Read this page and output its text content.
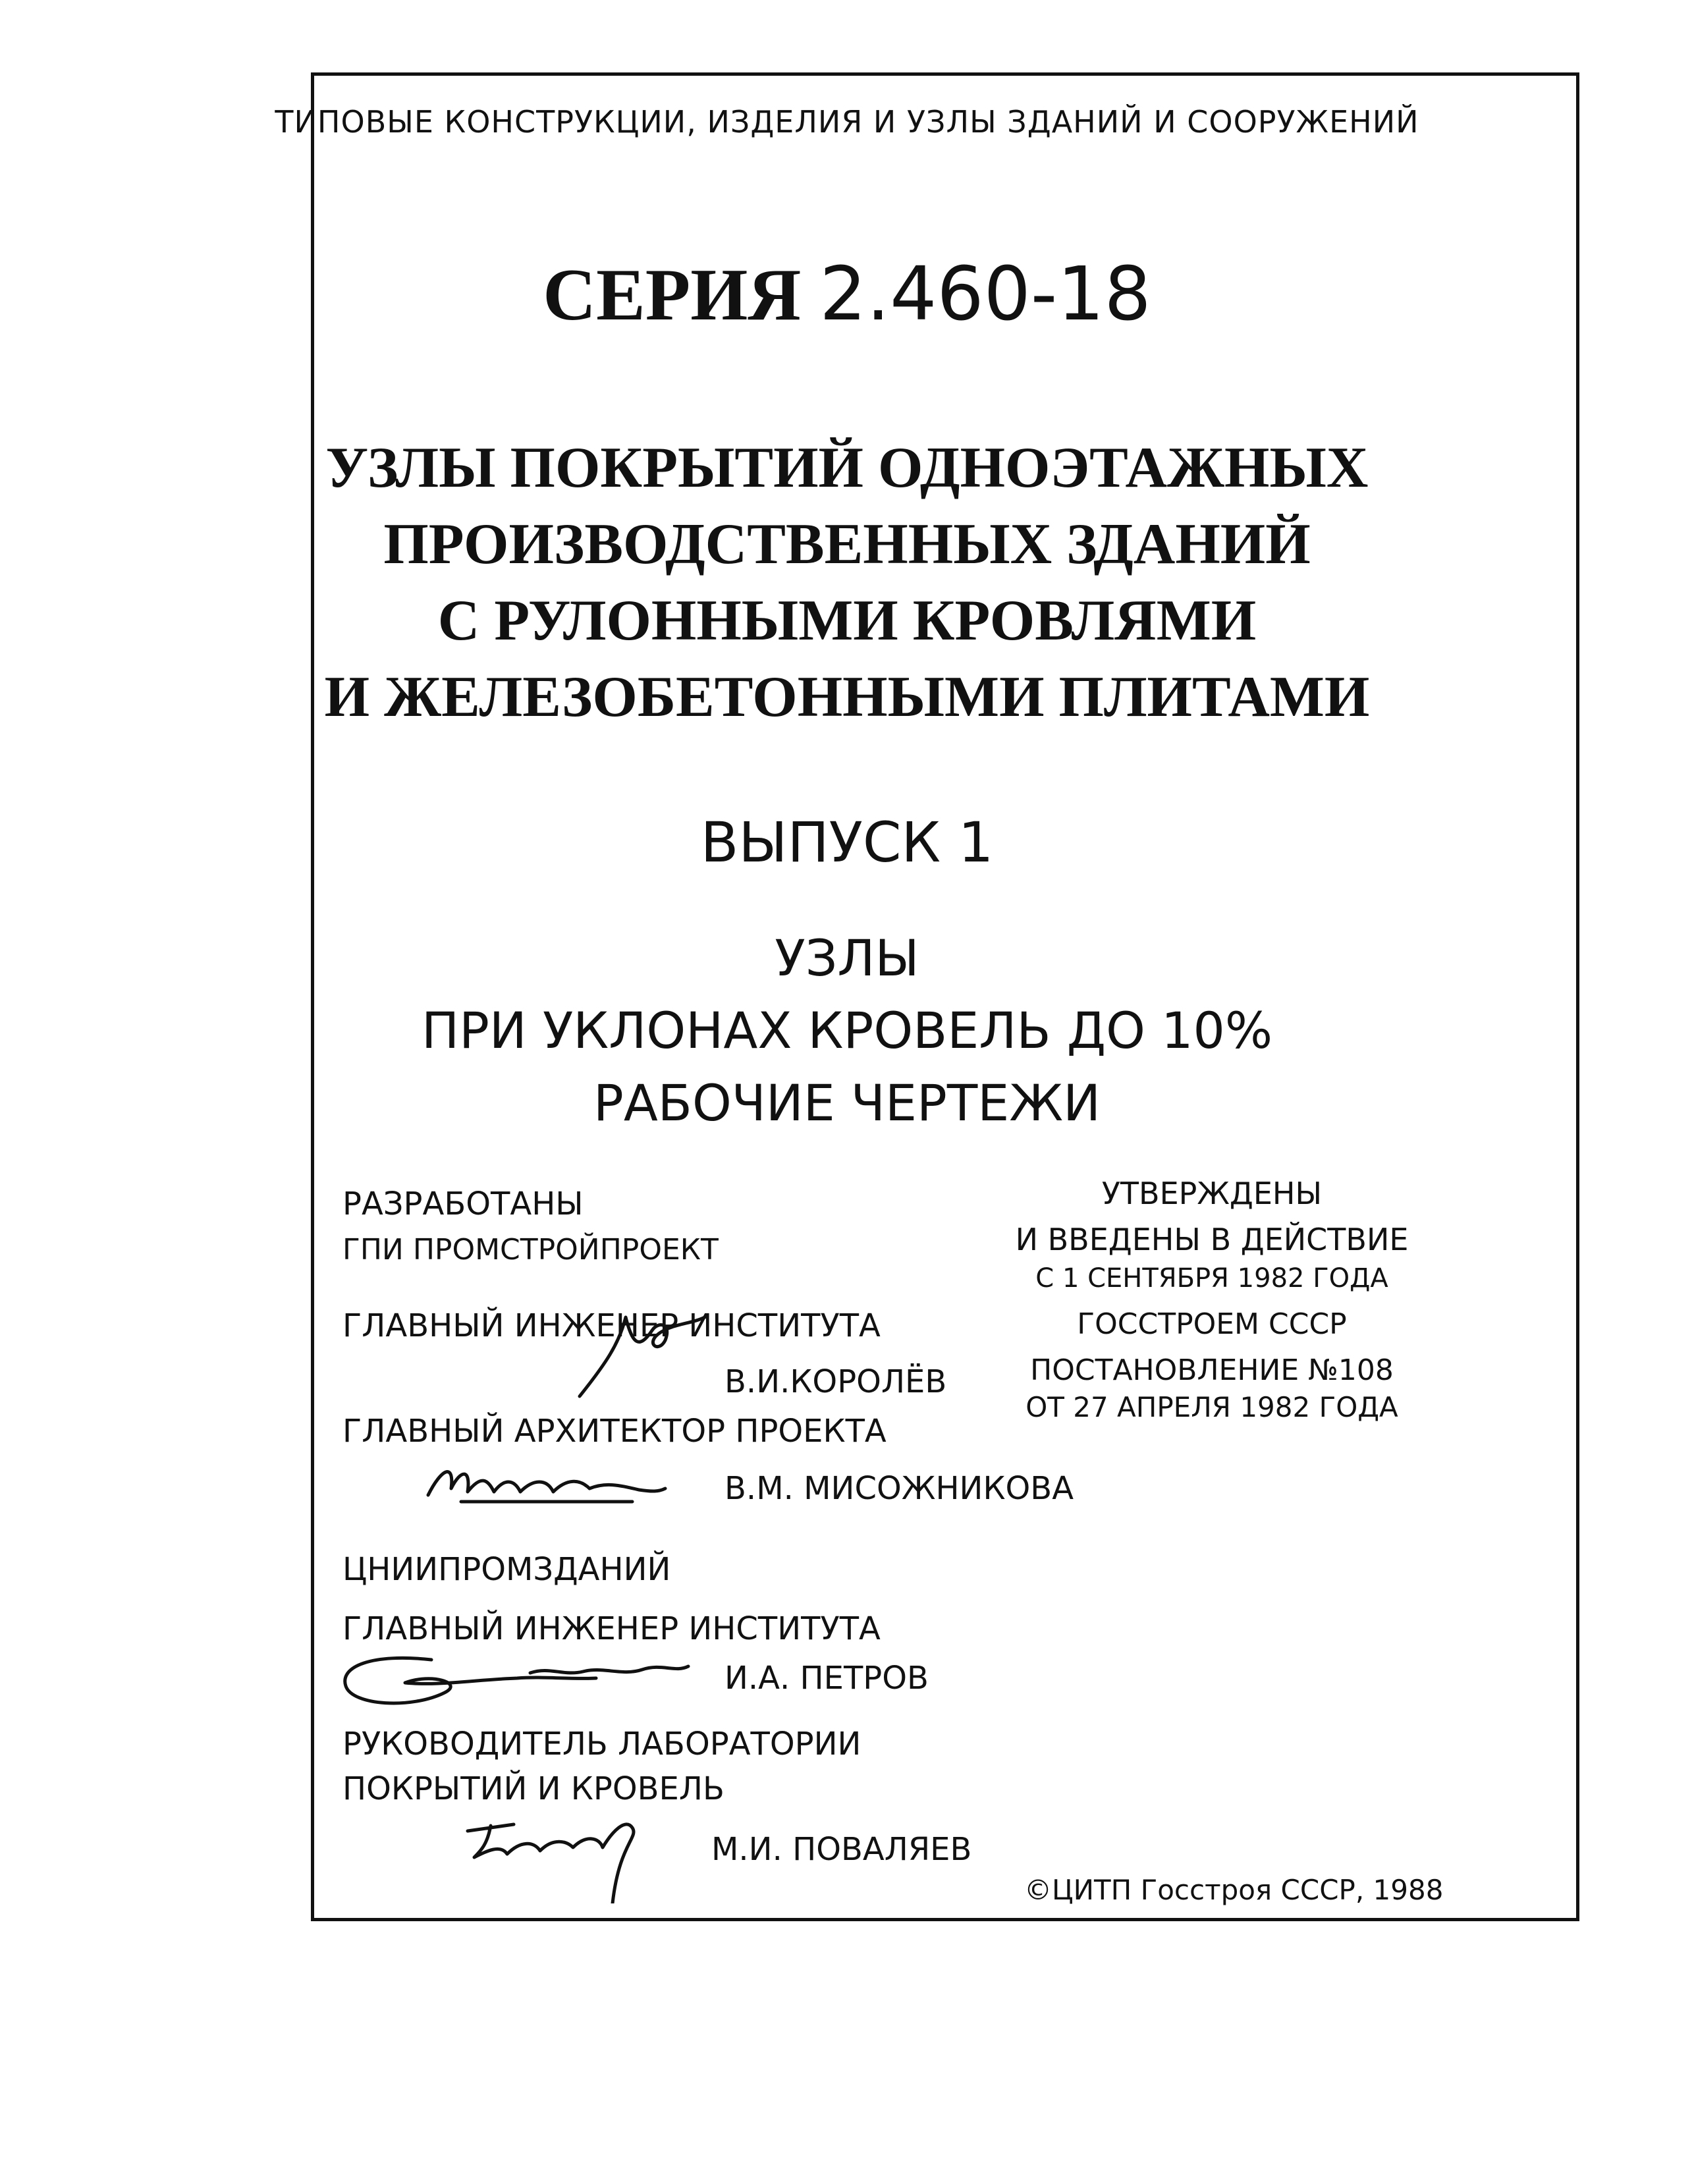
ТИПОВЫЕ КОНСТРУКЦИИ, ИЗДЕЛИЯ И УЗЛЫ ЗДАНИЙ И СООРУЖЕНИЙ
СЕРИЯ 2.460-18
УЗЛЫ ПОКРЫТИЙ ОДНОЭТАЖНЫХ
ПРОИЗВОДСТВЕННЫХ ЗДАНИЙ
С РУЛОННЫМИ КРОВЛЯМИ
И ЖЕЛЕЗОБЕТОННЫМИ ПЛИТАМИ
ВЫПУСК 1
УЗЛЫ
ПРИ УКЛОНАХ КРОВЕЛЬ ДО 10%
РАБОЧИЕ ЧЕРТЕЖИ
РАЗРАБОТАНЫ
ГПИ ПРОМСТРОЙПРОЕКТ
ГЛАВНЫЙ ИНЖЕНЕР ИНСТИТУТА
В.И.КОРОЛЁВ
ГЛАВНЫЙ АРХИТЕКТОР ПРОЕКТА
В.М. МИСОЖНИКОВА
ЦНИИПРОМЗДАНИЙ
ГЛАВНЫЙ ИНЖЕНЕР ИНСТИТУТА
И.А. ПЕТРОВ
РУКОВОДИТЕЛЬ ЛАБОРАТОРИИ
ПОКРЫТИЙ И КРОВЕЛЬ
М.И. ПОВАЛЯЕВ
УТВЕРЖДЕНЫ
И ВВЕДЕНЫ В ДЕЙСТВИЕ
С 1 СЕНТЯБРЯ 1982 ГОДА
ГОССТРОЕМ СССР
ПОСТАНОВЛЕНИЕ №108
ОТ 27 АПРЕЛЯ 1982 ГОДА
©ЦИТП Госстроя СССР, 1988
